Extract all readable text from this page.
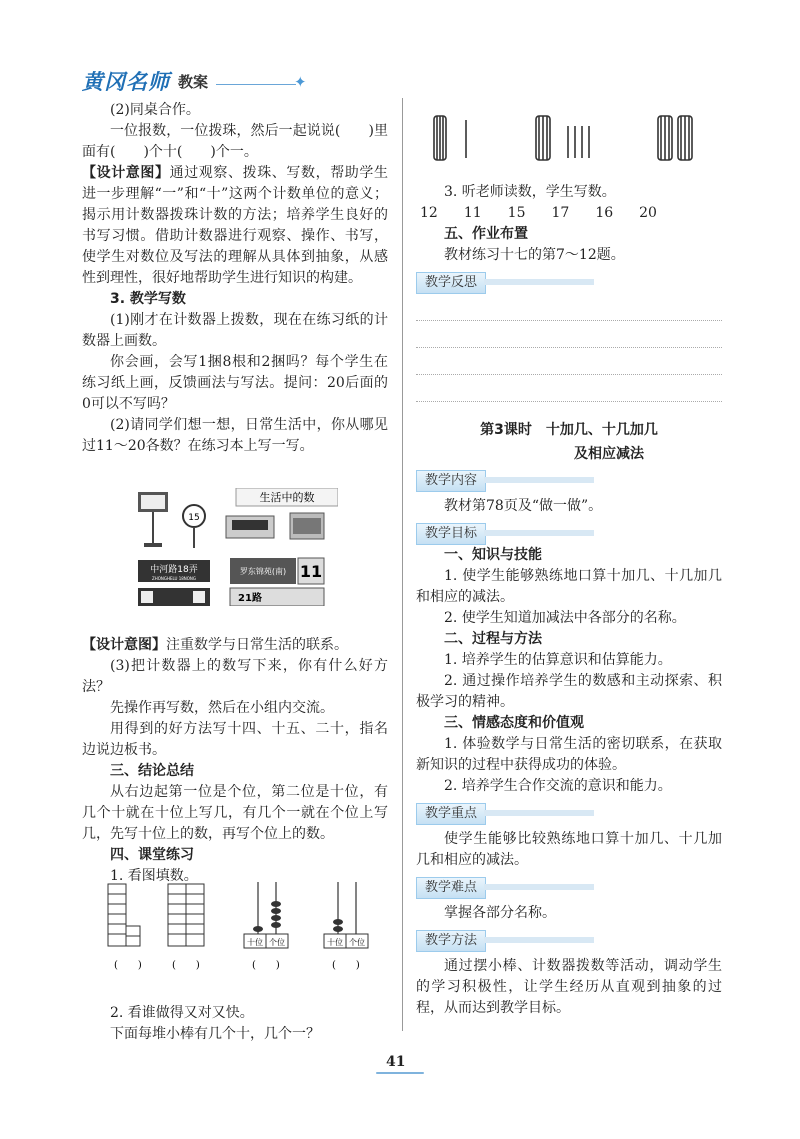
黄冈名师 教案	✦

(2)同桌合作。

一位报数，一位拨珠，然后一起说说(　　)里面有(　　)个十(　　)个一。

【设计意图】通过观察、拨珠、写数，帮助学生进一步理解“一”和“十”这两个计数单位的意义；揭示用计数器拨珠计数的方法；培养学生良好的书写习惯。借助计数器进行观察、操作、书写，使学生对数位及写法的理解从具体到抽象，从感性到理性，很好地帮助学生进行知识的构建。

3. 教学写数

(1)刚才在计数器上拨数，现在在练习纸的计数器上画数。

你会画，会写1捆8根和2捆吗？每个学生在练习纸上画，反馈画法与写法。提问：20后面的0可以不写吗？

(2)请同学们想一想，日常生活中，你从哪见过11～20各数？在练习本上写一写。

【设计意图】注重数学与日常生活的联系。

(3)把计数器上的数写下来，你有什么好方法？

先操作再写数，然后在小组内交流。

用得到的好方法写十四、十五、二十，指名边说边板书。

三、结论总结

从右边起第一位是个位，第二位是十位，有几个十就在十位上写几，有几个一就在个位上写几，先写十位上的数，再写个位上的数。

四、课堂练习

1. 看图填数。

2. 看谁做得又对又快。

下面每堆小棒有几个十，几个一？

生活中的数
15
中河路18弄
ZHONGHELU 18NONG
罗东锦苑(南) 11
21路
十位 个位	十位 个位
(　　)	(　　)	(　　)	(　　)

3. 听老师读数，学生写数。

12 11 15 17 16 20

五、作业布置

教材练习十七的第7～12题。

教学反思
第3课时　十加几、十几加几
及相应减法
教学内容

教材第78页及“做一做”。

教学目标

一、知识与技能

1. 使学生能够熟练地口算十加几、十几加几和相应的减法。

2. 使学生知道加减法中各部分的名称。

二、过程与方法

1. 培养学生的估算意识和估算能力。

2. 通过操作培养学生的数感和主动探索、积极学习的精神。

三、情感态度和价值观

1. 体验数学与日常生活的密切联系，在获取新知识的过程中获得成功的体验。

2. 培养学生合作交流的意识和能力。

教学重点

使学生能够比较熟练地口算十加几、十几加几和相应的减法。

教学难点

掌握各部分名称。

教学方法

通过摆小棒、计数器拨数等活动，调动学生的学习积极性，让学生经历从直观到抽象的过程，从而达到教学目标。

41
